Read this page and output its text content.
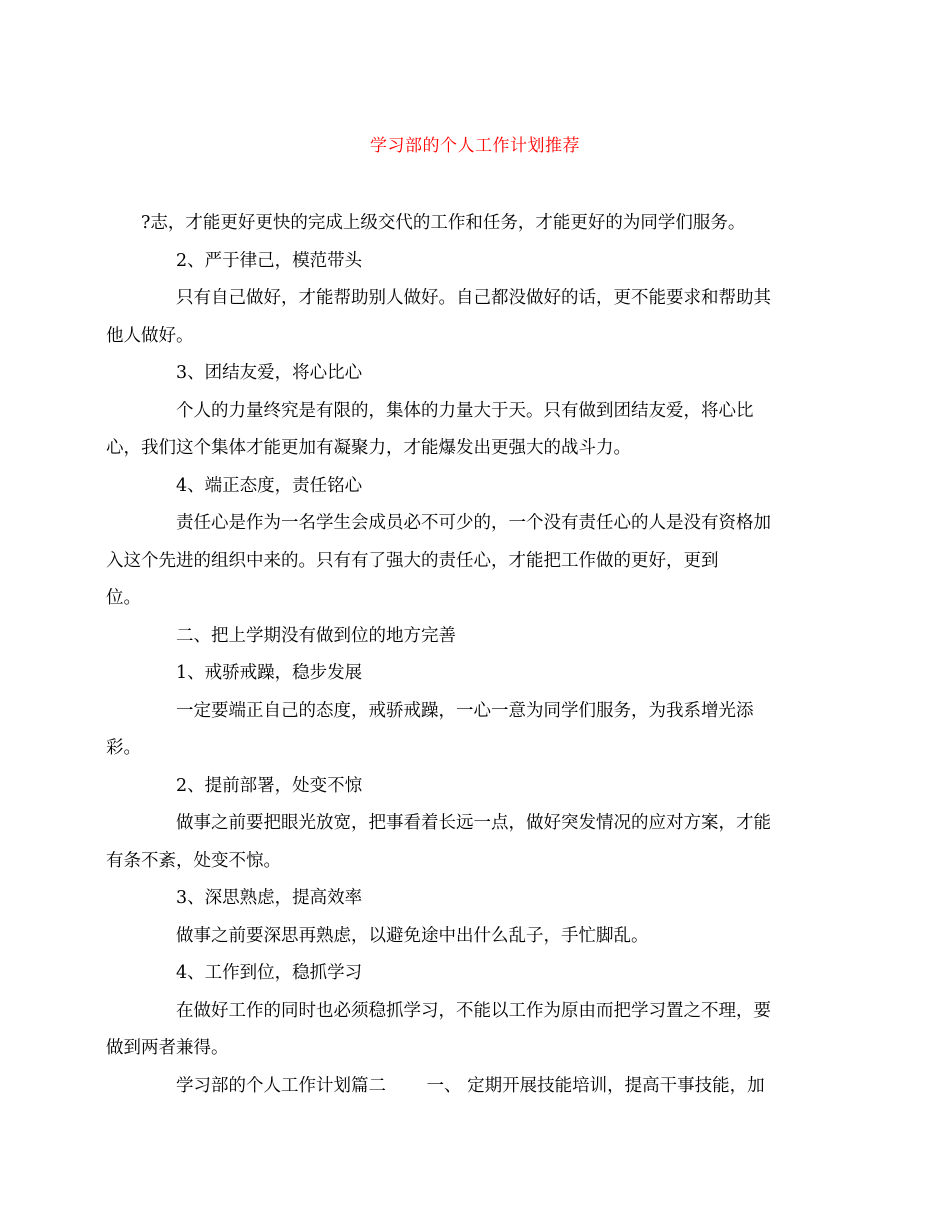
学习部的个人工作计划推荐

?志，才能更好更快的完成上级交代的工作和任务，才能更好的为同学们服务。

2、严于律己，模范带头

只有自己做好，才能帮助别人做好。自己都没做好的话，更不能要求和帮助其
他人做好。

3、团结友爱，将心比心

个人的力量终究是有限的，集体的力量大于天。只有做到团结友爱，将心比
心，我们这个集体才能更加有凝聚力，才能爆发出更强大的战斗力。

4、端正态度，责任铭心

责任心是作为一名学生会成员必不可少的，一个没有责任心的人是没有资格加
入这个先进的组织中来的。只有有了强大的责任心，才能把工作做的更好，更到
位。

二、把上学期没有做到位的地方完善

1、戒骄戒躁，稳步发展

一定要端正自己的态度，戒骄戒躁，一心一意为同学们服务，为我系增光添
彩。

2、提前部署，处变不惊

做事之前要把眼光放宽，把事看着长远一点，做好突发情况的应对方案，才能
有条不紊，处变不惊。

3、深思熟虑，提高效率

做事之前要深思再熟虑，以避免途中出什么乱子，手忙脚乱。

4、工作到位，稳抓学习

在做好工作的同时也必须稳抓学习，不能以工作为原由而把学习置之不理，要
做到两者兼得。

学习部的个人工作计划篇二　　 一、 定期开展技能培训，提高干事技能，加
